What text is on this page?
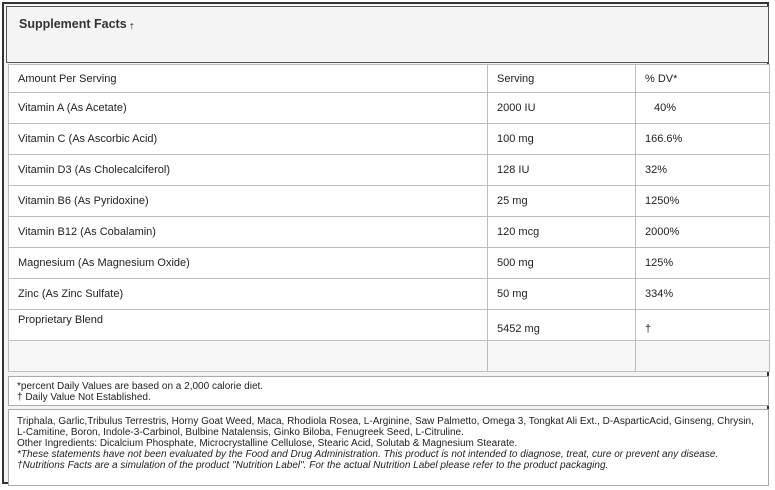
Supplement Facts †
Amount Per Serving	Serving	% DV*
Vitamin A (As Acetate)	2000 IU	40%
Vitamin C (As Ascorbic Acid)	100 mg	166.6%
Vitamin D3 (As Cholecalciferol)	128 IU	32%
Vitamin B6 (As Pyridoxine)	25 mg	1250%
Vitamin B12 (As Cobalamin)	120 mcg	2000%
Magnesium (As Magnesium Oxide)	500 mg	125%
Zinc (As Zinc Sulfate)	50 mg	334%
Proprietary Blend	5452 mg	†

*percent Daily Values are based on a 2,000 calorie diet.
† Daily Value Not Established.
Triphala, Garlic,Tribulus Terrestris, Horny Goat Weed, Maca, Rhodiola Rosea, L-Arginine, Saw Palmetto, Omega 3, Tongkat Ali Ext., D-AsparticAcid, Ginseng, Chrysin, L-Camitine, Boron, Indole-3-Carbinol, Bulbine Natalensis, Ginko Biloba, Fenugreek Seed, L-Citruline.
Other Ingredients: Dicalcium Phosphate, Microcrystalline Cellulose, Stearic Acid, Solutab & Magnesium Stearate.
*These statements have not been evaluated by the Food and Drug Administration. This product is not intended to diagnose, treat, cure or prevent any disease.
†Nutritions Facts are a simulation of the product "Nutrition Label". For the actual Nutrition Label please refer to the product packaging.
